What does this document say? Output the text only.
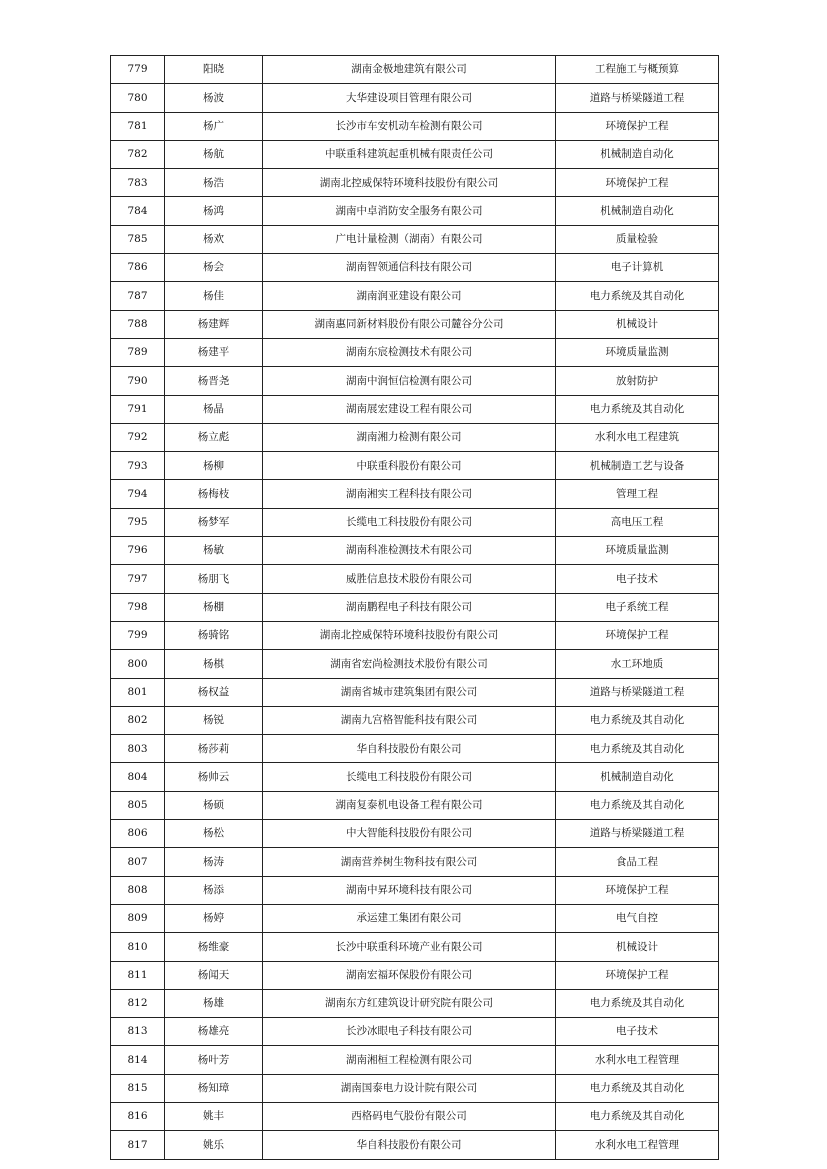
779	阳晓	湖南金极地建筑有限公司	工程施工与概预算
780	杨波	大华建设项目管理有限公司	道路与桥梁隧道工程
781	杨广	长沙市车安机动车检测有限公司	环境保护工程
782	杨航	中联重科建筑起重机械有限责任公司	机械制造自动化
783	杨浩	湖南北控威保特环境科技股份有限公司	环境保护工程
784	杨鸿	湖南中卓消防安全服务有限公司	机械制造自动化
785	杨欢	广电计量检测（湖南）有限公司	质量检验
786	杨会	湖南智领通信科技有限公司	电子计算机
787	杨佳	湖南润亚建设有限公司	电力系统及其自动化
788	杨建辉	湖南惠同新材料股份有限公司麓谷分公司	机械设计
789	杨建平	湖南东宸检测技术有限公司	环境质量监测
790	杨晋尧	湖南中润恒信检测有限公司	放射防护
791	杨晶	湖南展宏建设工程有限公司	电力系统及其自动化
792	杨立彪	湖南湘力检测有限公司	水利水电工程建筑
793	杨柳	中联重科股份有限公司	机械制造工艺与设备
794	杨梅枝	湖南湘实工程科技有限公司	管理工程
795	杨梦军	长缆电工科技股份有限公司	高电压工程
796	杨敏	湖南科准检测技术有限公司	环境质量监测
797	杨朋飞	威胜信息技术股份有限公司	电子技术
798	杨棚	湖南鹏程电子科技有限公司	电子系统工程
799	杨骑铭	湖南北控威保特环境科技股份有限公司	环境保护工程
800	杨棋	湖南省宏尚检测技术股份有限公司	水工环地质
801	杨权益	湖南省城市建筑集团有限公司	道路与桥梁隧道工程
802	杨锐	湖南九宫格智能科技有限公司	电力系统及其自动化
803	杨莎莉	华自科技股份有限公司	电力系统及其自动化
804	杨帅云	长缆电工科技股份有限公司	机械制造自动化
805	杨硕	湖南复泰机电设备工程有限公司	电力系统及其自动化
806	杨松	中大智能科技股份有限公司	道路与桥梁隧道工程
807	杨涛	湖南营养树生物科技有限公司	食品工程
808	杨添	湖南中昇环境科技有限公司	环境保护工程
809	杨婷	承运建工集团有限公司	电气自控
810	杨维豪	长沙中联重科环境产业有限公司	机械设计
811	杨闻天	湖南宏福环保股份有限公司	环境保护工程
812	杨雄	湖南东方红建筑设计研究院有限公司	电力系统及其自动化
813	杨雄亮	长沙冰眼电子科技有限公司	电子技术
814	杨叶芳	湖南湘桓工程检测有限公司	水利水电工程管理
815	杨知璋	湖南国泰电力设计院有限公司	电力系统及其自动化
816	姚丰	西格码电气股份有限公司	电力系统及其自动化
817	姚乐	华自科技股份有限公司	水利水电工程管理
